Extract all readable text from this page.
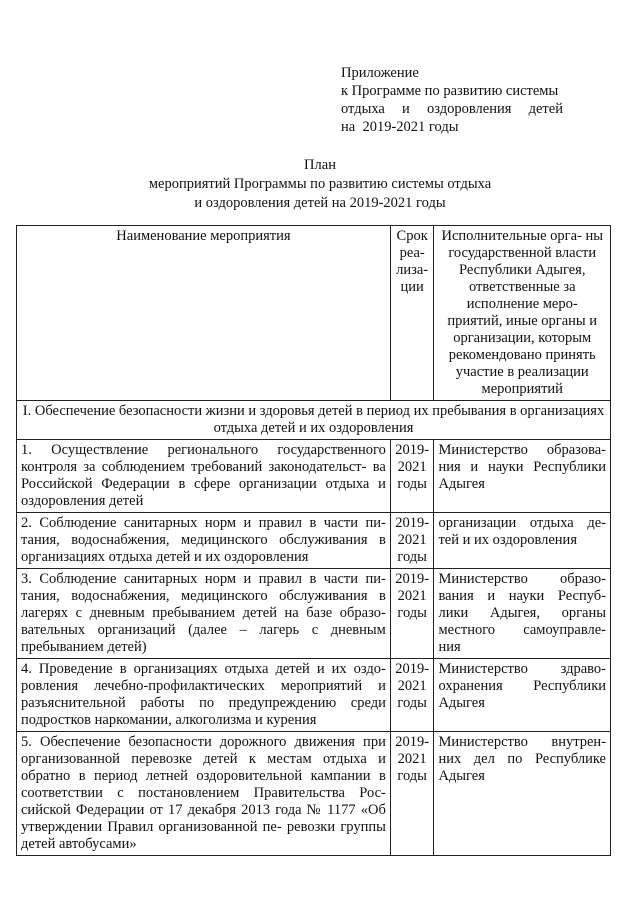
Приложение
к Программе по развитию системы
отдыха и оздоровления детей
на  2019-2021 годы
План
мероприятий Программы по развитию системы отдыха
и оздоровления детей на 2019-2021 годы
Наименование мероприятия	Срок реа- лиза- ции	Исполнительные орга- ны государственной власти Республики Адыгея, ответственные за исполнение меро- приятий, иные органы и организации, которым рекомендовано принять участие в реализации мероприятий
I. Обеспечение безопасности жизни и здоровья детей в период их пребывания в организациях отдыха детей и их оздоровления		
1. Осуществление регионального государственного контроля за соблюдением требований законодательст- ва Российской Федерации в сфере организации отдыха и оздоровления детей	2019- 2021 годы	Министерство образова- ния и науки Республики Адыгея
2. Соблюдение санитарных норм и правил в части пи- тания, водоснабжения, медицинского обслуживания в организациях отдыха детей и их оздоровления	2019- 2021 годы	организации отдыха де- тей и их оздоровления
3. Соблюдение санитарных норм и правил в части пи- тания, водоснабжения, медицинского обслуживания в лагерях с дневным пребыванием детей на базе образо- вательных организаций (далее – лагерь с дневным пребыванием детей)	2019- 2021 годы	Министерство образо- вания и науки Респуб- лики Адыгея, органы местного самоуправле- ния
4. Проведение в организациях отдыха детей и их оздо- ровления лечебно-профилактических мероприятий и разъяснительной работы по предупреждению среди подростков наркомании, алкоголизма и курения	2019- 2021 годы	Министерство здраво- охранения Республики Адыгея
5. Обеспечение безопасности дорожного движения при организованной перевозке детей к местам отдыха и обратно в период летней оздоровительной кампании в соответствии с постановлением Правительства Рос- сийской Федерации от 17 декабря 2013 года № 1177 «Об утверждении Правил организованной пе- ревозки группы детей автобусами»	2019- 2021 годы	Министерство внутрен- них дел по Республике Адыгея
